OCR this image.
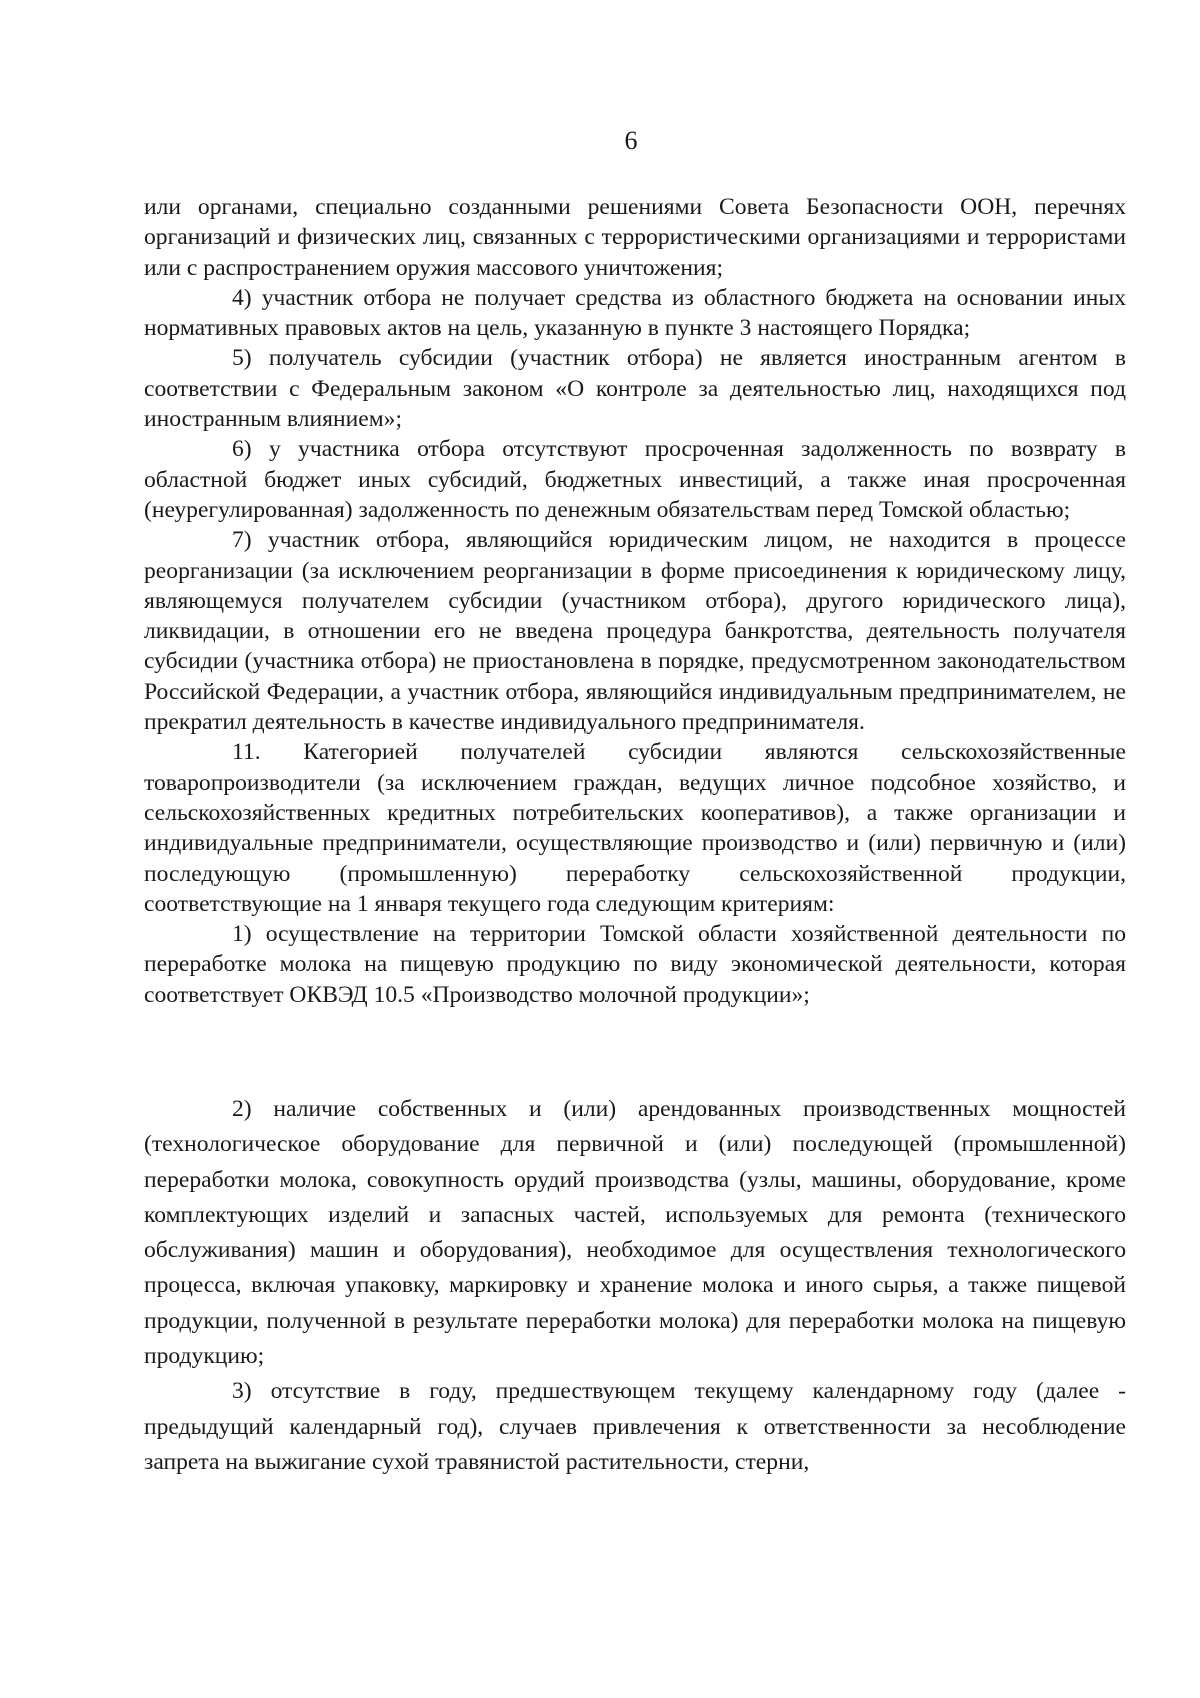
6

или органами, специально созданными решениями Совета Безопасности ООН, перечнях организаций и физических лиц, связанных с террористическими организациями и террористами или с распространением оружия массового уничтожения;

4) участник отбора не получает средства из областного бюджета на основании иных нормативных правовых актов на цель, указанную в пункте 3 настоящего Порядка;

5) получатель субсидии (участник отбора) не является иностранным агентом в соответствии с Федеральным законом «О контроле за деятельностью лиц, находящихся под иностранным влиянием»;

6) у участника отбора отсутствуют просроченная задолженность по возврату в областной бюджет иных субсидий, бюджетных инвестиций, а также иная просроченная (неурегулированная) задолженность по денежным обязательствам перед Томской областью;

7) участник отбора, являющийся юридическим лицом, не находится в процессе реорганизации (за исключением реорганизации в форме присоединения к юридическому лицу, являющемуся получателем субсидии (участником отбора), другого юридического лица), ликвидации, в отношении его не введена процедура банкротства, деятельность получателя субсидии (участника отбора) не приостановлена в порядке, предусмотренном законодательством Российской Федерации, а участник отбора, являющийся индивидуальным предпринимателем, не прекратил деятельность в качестве индивидуального предпринимателя.

11. Категорией получателей субсидии являются сельскохозяйственные товаропроизводители (за исключением граждан, ведущих личное подсобное хозяйство, и сельскохозяйственных кредитных потребительских кооперативов), а также организации и индивидуальные предприниматели, осуществляющие производство и (или) первичную и (или) последующую (промышленную) переработку сельскохозяйственной продукции, соответствующие на 1 января текущего года следующим критериям:

1) осуществление на территории Томской области хозяйственной деятельности по переработке молока на пищевую продукцию по виду экономической деятельности, которая соответствует ОКВЭД 10.5 «Производство молочной продукции»;

2) наличие собственных и (или) арендованных производственных мощностей (технологическое оборудование для первичной и (или) последующей (промышленной) переработки молока, совокупность орудий производства (узлы, машины, оборудование, кроме комплектующих изделий и запасных частей, используемых для ремонта (технического обслуживания) машин и оборудования), необходимое для осуществления технологического процесса, включая упаковку, маркировку и хранение молока и иного сырья, а также пищевой продукции, полученной в результате переработки молока) для переработки молока на пищевую продукцию;

3) отсутствие в году, предшествующем текущему календарному году (далее - предыдущий календарный год), случаев привлечения к ответственности за несоблюдение запрета на выжигание сухой травянистой растительности, стерни,
